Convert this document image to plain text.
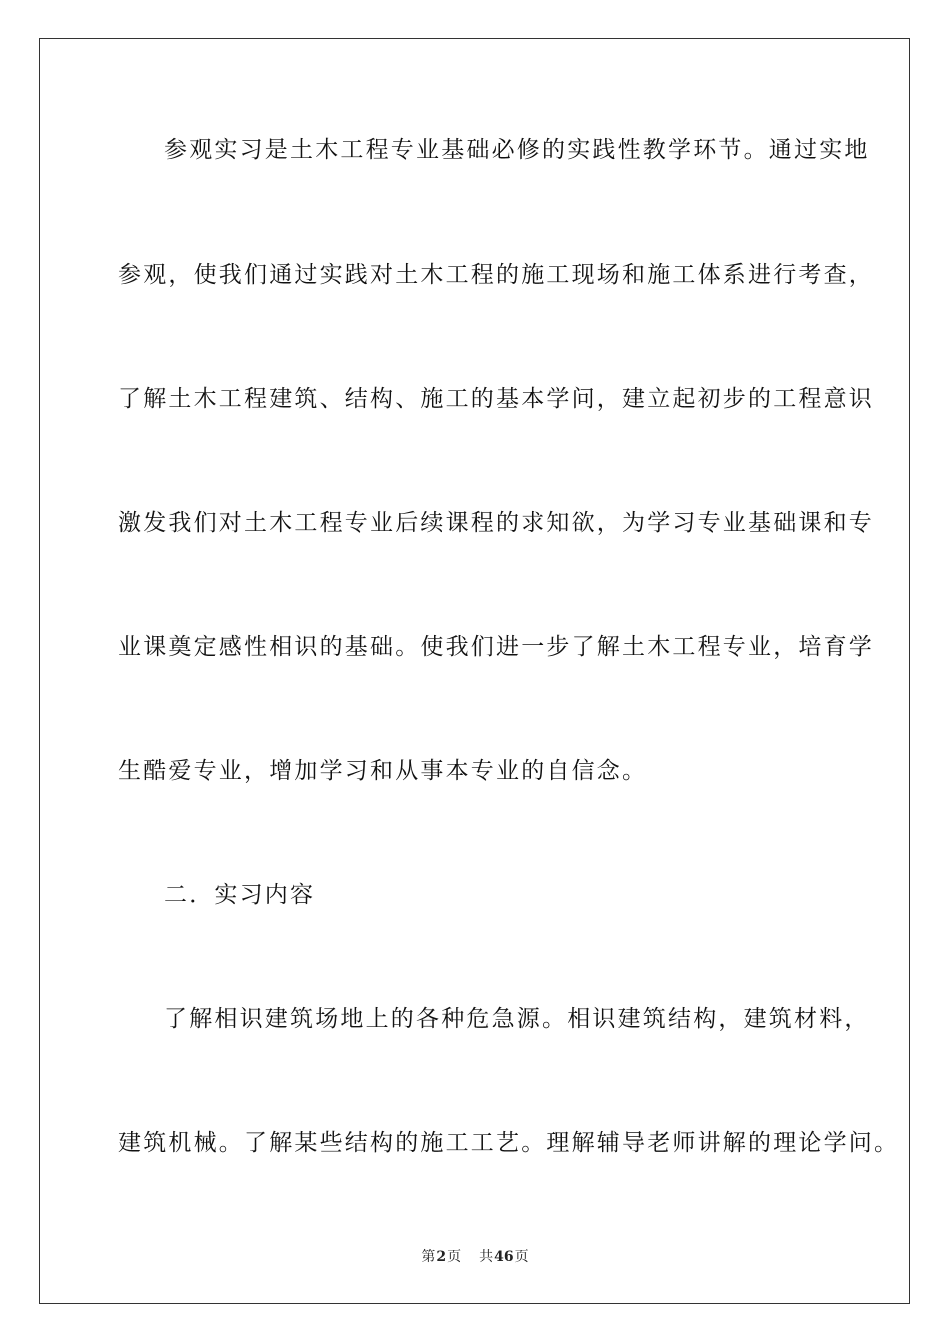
参观实习是土木工程专业基础必修的实践性教学环节。通过实地
参观，使我们通过实践对土木工程的施工现场和施工体系进行考查，
了解土木工程建筑、结构、施工的基本学问，建立起初步的工程意识
激发我们对土木工程专业后续课程的求知欲，为学习专业基础课和专
业课奠定感性相识的基础。使我们进一步了解土木工程专业，培育学
生酷爱专业，增加学习和从事本专业的自信念。
二．实习内容
了解相识建筑场地上的各种危急源。相识建筑结构，建筑材料，
建筑机械。了解某些结构的施工工艺。理解辅导老师讲解的理论学问。
第2页 共46页
